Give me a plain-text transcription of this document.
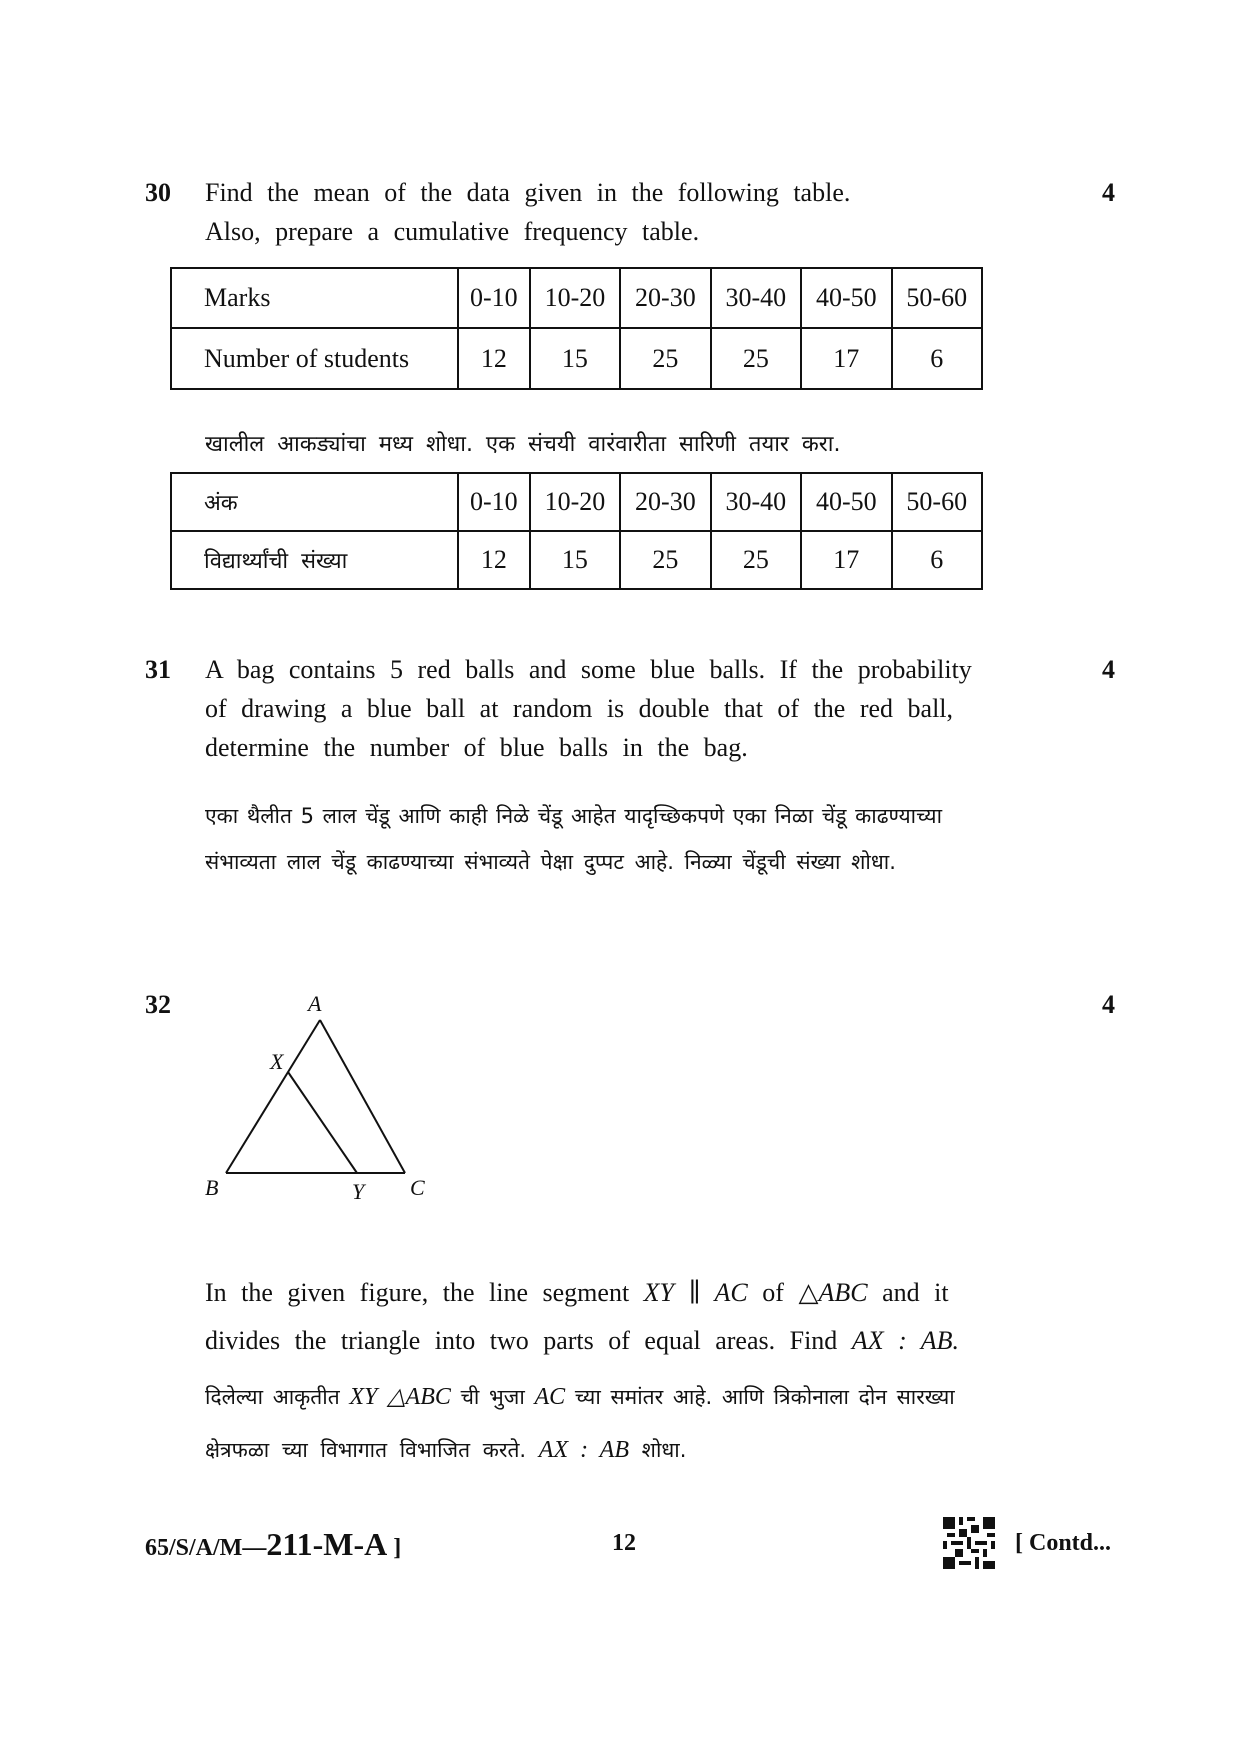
30	4
Find the mean of the data given in the following table.
Also, prepare a cumulative frequency table.
Marks	0-10	10-20	20-30	30-40	40-50	50-60
Number of students	12	15	25	25	17	6
खालील आकड्यांचा मध्य शोधा. एक संचयी वारंवारीता सारिणी तयार करा.
अंक	0-10	10-20	20-30	30-40	40-50	50-60
विद्यार्थ्यांची संख्या	12	15	25	25	17	6
31	4
A bag contains 5 red balls and some blue balls. If the probability
of drawing a blue ball at random is double that of the red ball,
determine the number of blue balls in the bag.
एका थैलीत 5 लाल चेंडू आणि काही निळे चेंडू आहेत यादृच्छिकपणे एका निळा चेंडू काढण्याच्या
संभाव्यता लाल चेंडू काढण्याच्या संभाव्यते पेक्षा दुप्पट आहे. निळ्या चेंडूची संख्या शोधा.
32	4
A
X
B	Y C
In the given figure, the line segment XY ∥ AC of △ABC and it
divides the triangle into two parts of equal areas. Find AX : AB.
दिलेल्या आकृतीत XY △ABC ची भुजा AC च्या समांतर आहे. आणि त्रिकोनाला दोन सारख्या
क्षेत्रफळा च्या विभागात विभाजित करते. AX : AB शोधा.
65/S/A/M—211-M-A ]	12	[ Contd...
